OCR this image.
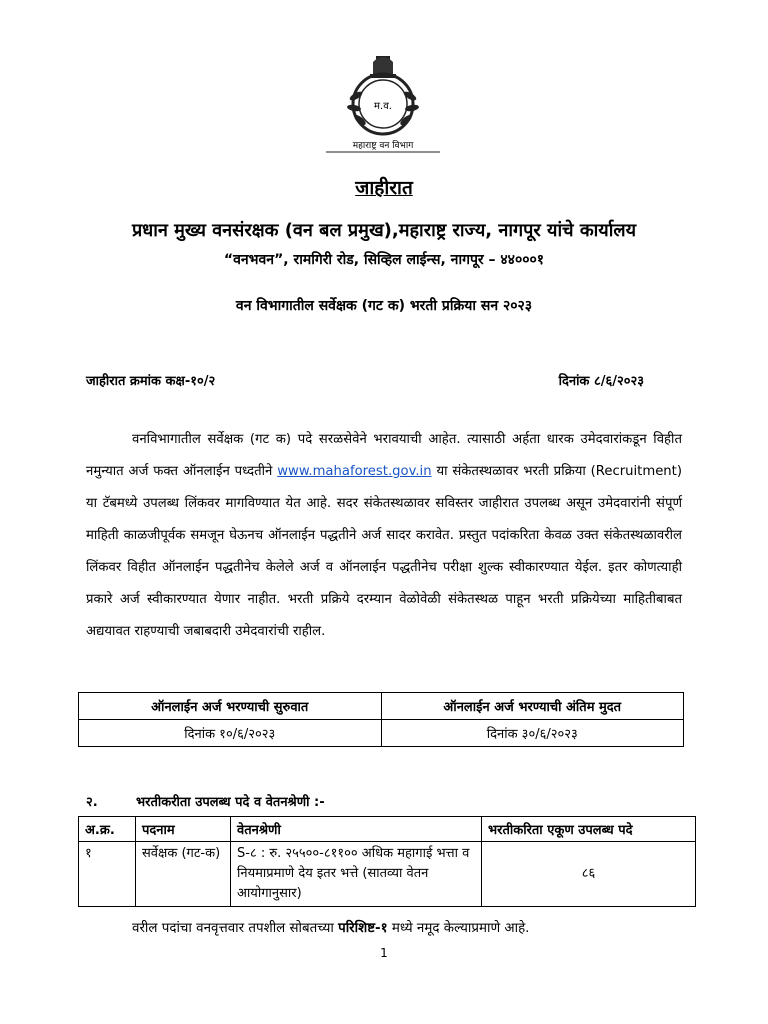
म.व.
महाराष्ट्र वन विभाग
जाहीरात
प्रधान मुख्य वनसंरक्षक (वन बल प्रमुख),महाराष्ट्र राज्य, नागपूर यांचे कार्यालय
“वनभवन”, रामगिरी रोड, सिव्हिल लाईन्स, नागपूर – ४४०००१
वन विभागातील सर्वेक्षक (गट क) भरती प्रक्रिया सन २०२३
जाहीरात क्रमांक कक्ष-१०/२	दिनांक ८/६/२०२३
वनविभागातील सर्वेक्षक (गट क) पदे सरळसेवेने भरावयाची आहेत. त्यासाठी अर्हता धारक उमेदवारांकडून विहीत नमुन्यात अर्ज फक्त ऑनलाईन पध्दतीने www.mahaforest.gov.in या संकेतस्थळावर भरती प्रक्रिया (Recruitment) या टॅबमध्ये उपलब्ध लिंकवर मागविण्यात येत आहे. सदर संकेतस्थळावर सविस्तर जाहीरात उपलब्ध असून उमेदवारांनी संपूर्ण माहिती काळजीपूर्वक समजून घेऊनच ऑनलाईन पद्धतीने अर्ज सादर करावेत. प्रस्तुत पदांकरिता केवळ उक्त संकेतस्थळावरील लिंकवर विहीत ऑनलाईन पद्धतीनेच केलेले अर्ज व ऑनलाईन पद्धतीनेच परीक्षा शुल्क स्वीकारण्यात येईल. इतर कोणत्याही प्रकारे अर्ज स्वीकारण्यात येणार नाहीत. भरती प्रक्रिये दरम्यान वेळोवेळी संकेतस्थळ पाहून भरती प्रक्रियेच्या माहितीबाबत अद्ययावत राहण्याची जबाबदारी उमेदवारांची राहील.
ऑनलाईन अर्ज भरण्याची सुरुवात	ऑनलाईन अर्ज भरण्याची अंतिम मुदत
दिनांक १०/६/२०२३	दिनांक ३०/६/२०२३
२.	भरतीकरीता उपलब्ध पदे व वेतनश्रेणी :-
अ.क्र.	पदनाम	वेतनश्रेणी	भरतीकरिता एकूण उपलब्ध पदे
१	सर्वेक्षक (गट-क)	S-८ : रु. २५५००-८११०० अधिक महागाई भत्ता व नियमाप्रमाणे देय इतर भत्ते (सातव्या वेतन आयोगानुसार)	८६
वरील पदांचा वनवृत्तवार तपशील सोबतच्या परिशिष्ट-१ मध्ये नमूद केल्याप्रमाणे आहे.
1
